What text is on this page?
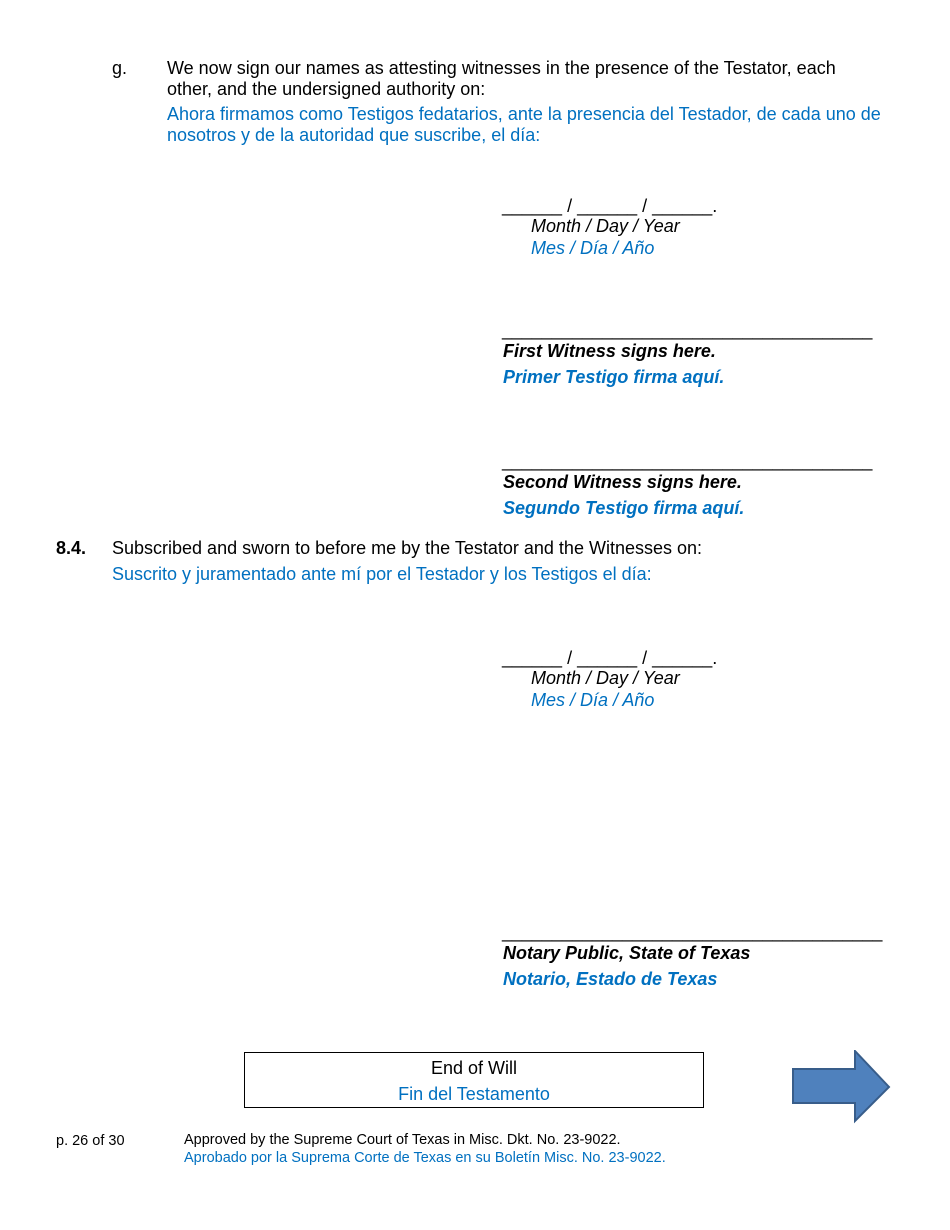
g. We now sign our names as attesting witnesses in the presence of the Testator, each other, and the undersigned authority on:
Ahora firmamos como Testigos fedatarios, ante la presencia del Testador, de cada uno de nosotros y de la autoridad que suscribe, el día:
______ / ______ / ______.
Month / Day / Year
Mes / Día / Año
_____________________________________
First Witness signs here.
Primer Testigo firma aquí.
_____________________________________
Second Witness signs here.
Segundo Testigo firma aquí.
8.4. Subscribed and sworn to before me by the Testator and the Witnesses on:
Suscrito y juramentado ante mí por el Testador y los Testigos el día:
______ / ______ / ______.
Month / Day / Year
Mes / Día / Año
______________________________________
Notary Public, State of Texas
Notario, Estado de Texas
End of Will
Fin del Testamento
p. 26 of 30	Approved by the Supreme Court of Texas in Misc. Dkt. No. 23-9022.
Aprobado por la Suprema Corte de Texas en su Boletín Misc. No. 23-9022.
